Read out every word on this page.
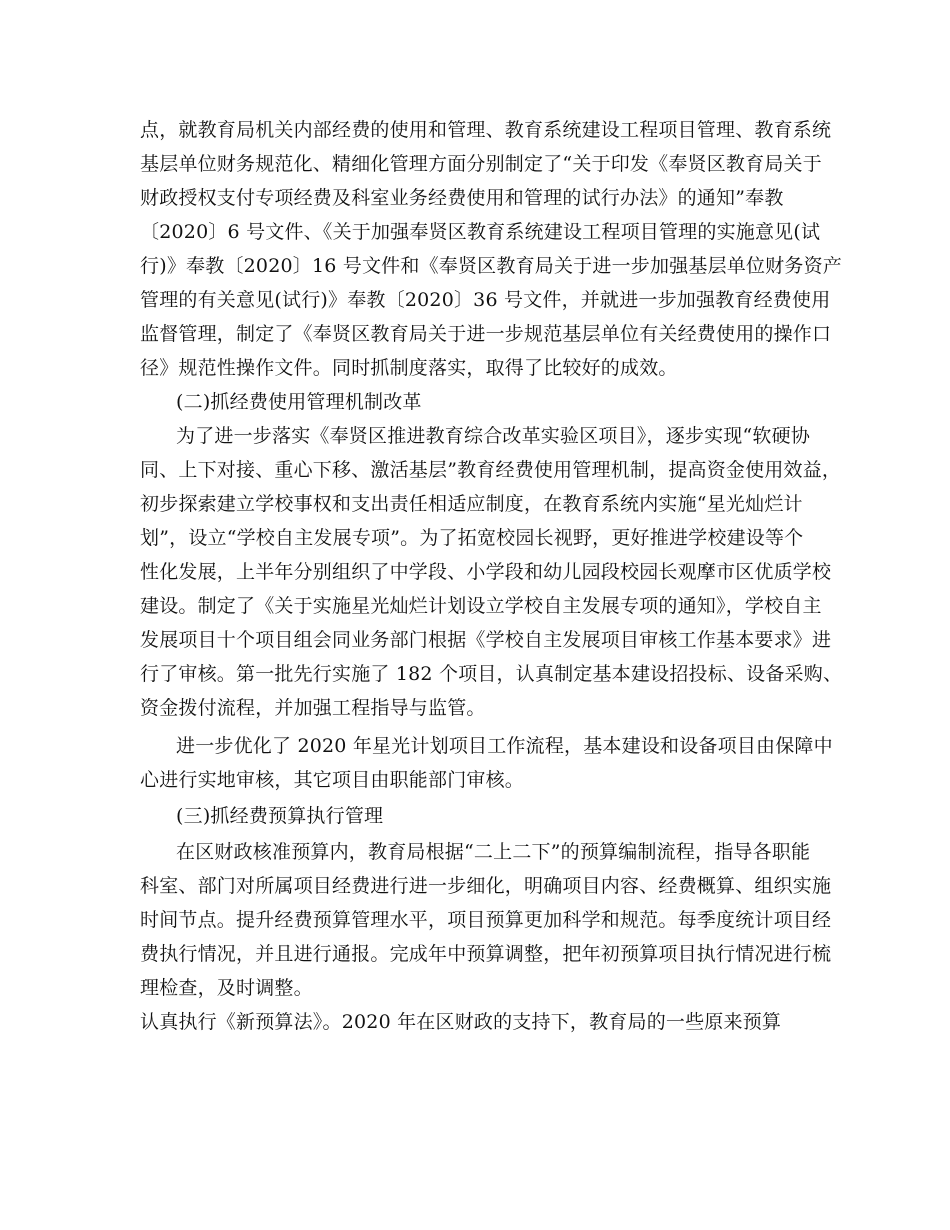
点，就教育局机关内部经费的使用和管理、教育系统建设工程项目管理、教育系统
基层单位财务规范化、精细化管理方面分别制定了“关于印发《奉贤区教育局关于
财政授权支付专项经费及科室业务经费使用和管理的试行办法》的通知”奉教
〔2020〕6 号文件、《关于加强奉贤区教育系统建设工程项目管理的实施意见(试
行)》奉教〔2020〕16 号文件和《奉贤区教育局关于进一步加强基层单位财务资产
管理的有关意见(试行)》奉教〔2020〕36 号文件，并就进一步加强教育经费使用
监督管理，制定了《奉贤区教育局关于进一步规范基层单位有关经费使用的操作口
径》规范性操作文件。同时抓制度落实，取得了比较好的成效。
(二)抓经费使用管理机制改革
为了进一步落实《奉贤区推进教育综合改革实验区项目》，逐步实现“软硬协
同、上下对接、重心下移、激活基层”教育经费使用管理机制，提高资金使用效益，
初步探索建立学校事权和支出责任相适应制度，在教育系统内实施“星光灿烂计
划”，设立“学校自主发展专项”。为了拓宽校园长视野，更好推进学校建设等个
性化发展，上半年分别组织了中学段、小学段和幼儿园段校园长观摩市区优质学校
建设。制定了《关于实施星光灿烂计划设立学校自主发展专项的通知》，学校自主
发展项目十个项目组会同业务部门根据《学校自主发展项目审核工作基本要求》进
行了审核。第一批先行实施了 182 个项目，认真制定基本建设招投标、设备采购、
资金拨付流程，并加强工程指导与监管。
进一步优化了 2020 年星光计划项目工作流程，基本建设和设备项目由保障中
心进行实地审核，其它项目由职能部门审核。
(三)抓经费预算执行管理
在区财政核准预算内，教育局根据“二上二下”的预算编制流程，指导各职能
科室、部门对所属项目经费进行进一步细化，明确项目内容、经费概算、组织实施
时间节点。提升经费预算管理水平，项目预算更加科学和规范。每季度统计项目经
费执行情况，并且进行通报。完成年中预算调整，把年初预算项目执行情况进行梳
理检查，及时调整。
认真执行《新预算法》。2020 年在区财政的支持下，教育局的一些原来预算
